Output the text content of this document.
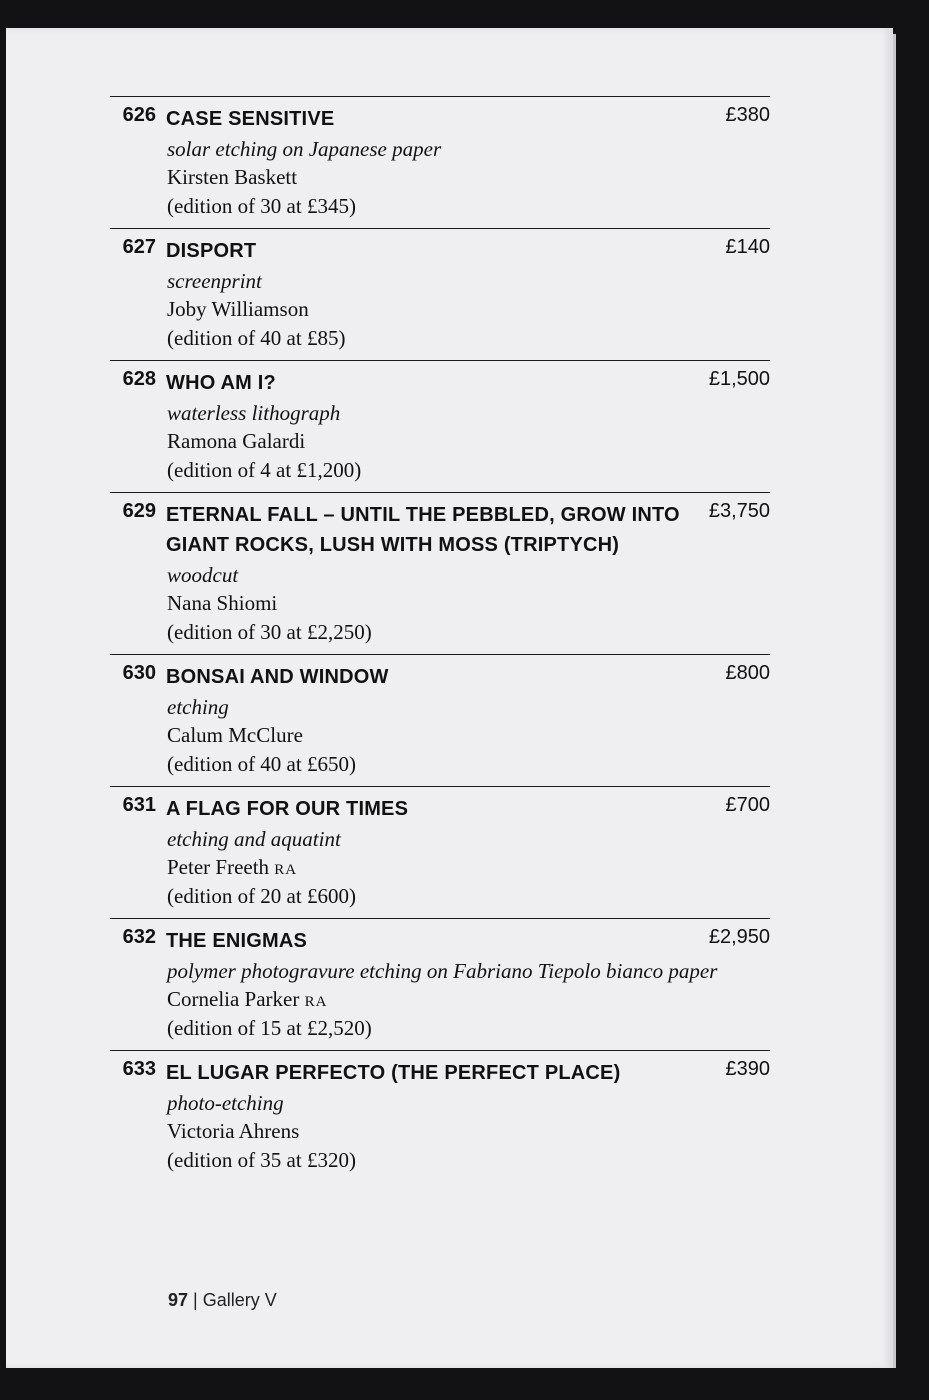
626 CASE SENSITIVE	£380
solar etching on Japanese paper
Kirsten Baskett
(edition of 30 at £345)
627 DISPORT	£140
screenprint
Joby Williamson
(edition of 40 at £85)
628 WHO AM I?	£1,500
waterless lithograph
Ramona Galardi
(edition of 4 at £1,200)
629 ETERNAL FALL – UNTIL THE PEBBLED, GROW INTO GIANT ROCKS, LUSH WITH MOSS (TRIPTYCH)
£3,750
woodcut
Nana Shiomi
(edition of 30 at £2,250)
630 BONSAI AND WINDOW	£800
etching
Calum McClure
(edition of 40 at £650)
631 A FLAG FOR OUR TIMES	£700
etching and aquatint
Peter Freeth RA
(edition of 20 at £600)
632 THE ENIGMAS	£2,950
polymer photogravure etching on Fabriano Tiepolo bianco paper
Cornelia Parker RA
(edition of 15 at £2,520)
633 EL LUGAR PERFECTO (THE PERFECT PLACE)	£390
photo-etching
Victoria Ahrens
(edition of 35 at £320)
97 | Gallery V
